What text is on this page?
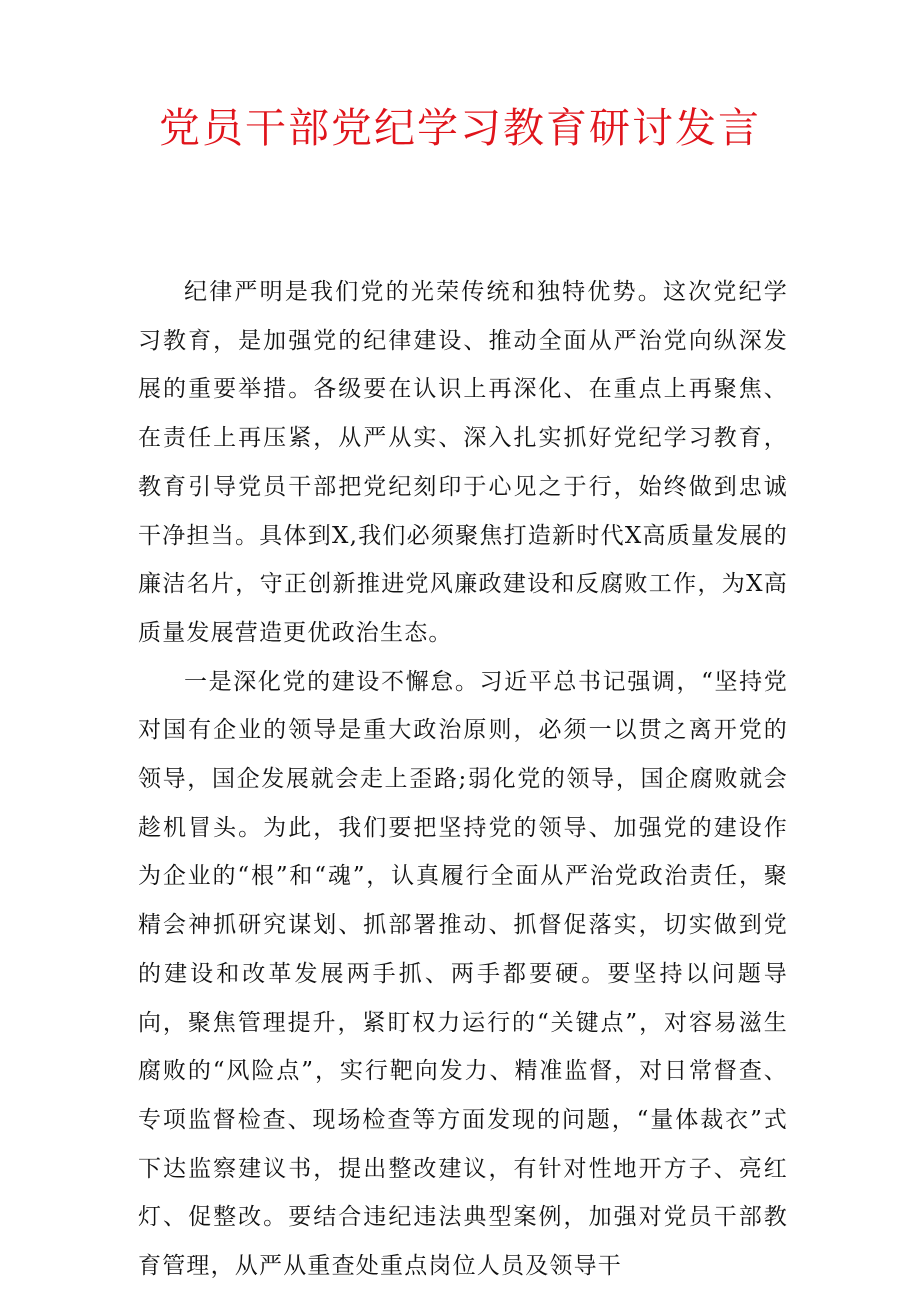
党员干部党纪学习教育研讨发言

纪律严明是我们党的光荣传统和独特优势。这次党纪学习教育，是加强党的纪律建设、推动全面从严治党向纵深发展的重要举措。各级要在认识上再深化、在重点上再聚焦、在责任上再压紧，从严从实、深入扎实抓好党纪学习教育，教育引导党员干部把党纪刻印于心见之于行，始终做到忠诚干净担当。具体到X,我们必须聚焦打造新时代X高质量发展的廉洁名片，守正创新推进党风廉政建设和反腐败工作，为X高质量发展营造更优政治生态。

一是深化党的建设不懈怠。习近平总书记强调，“坚持党对国有企业的领导是重大政治原则，必须一以贯之离开党的领导，国企发展就会走上歪路;弱化党的领导，国企腐败就会趁机冒头。为此，我们要把坚持党的领导、加强党的建设作为企业的“根”和“魂”，认真履行全面从严治党政治责任，聚精会神抓研究谋划、抓部署推动、抓督促落实，切实做到党的建设和改革发展两手抓、两手都要硬。要坚持以问题导向，聚焦管理提升，紧盯权力运行的“关键点”，对容易滋生腐败的“风险点”，实行靶向发力、精准监督，对日常督查、专项监督检查、现场检查等方面发现的问题，“量体裁衣”式下达监察建议书，提出整改建议，有针对性地开方子、亮红灯、促整改。要结合违纪违法典型案例，加强对党员干部教育管理，从严从重查处重点岗位人员及领导干
